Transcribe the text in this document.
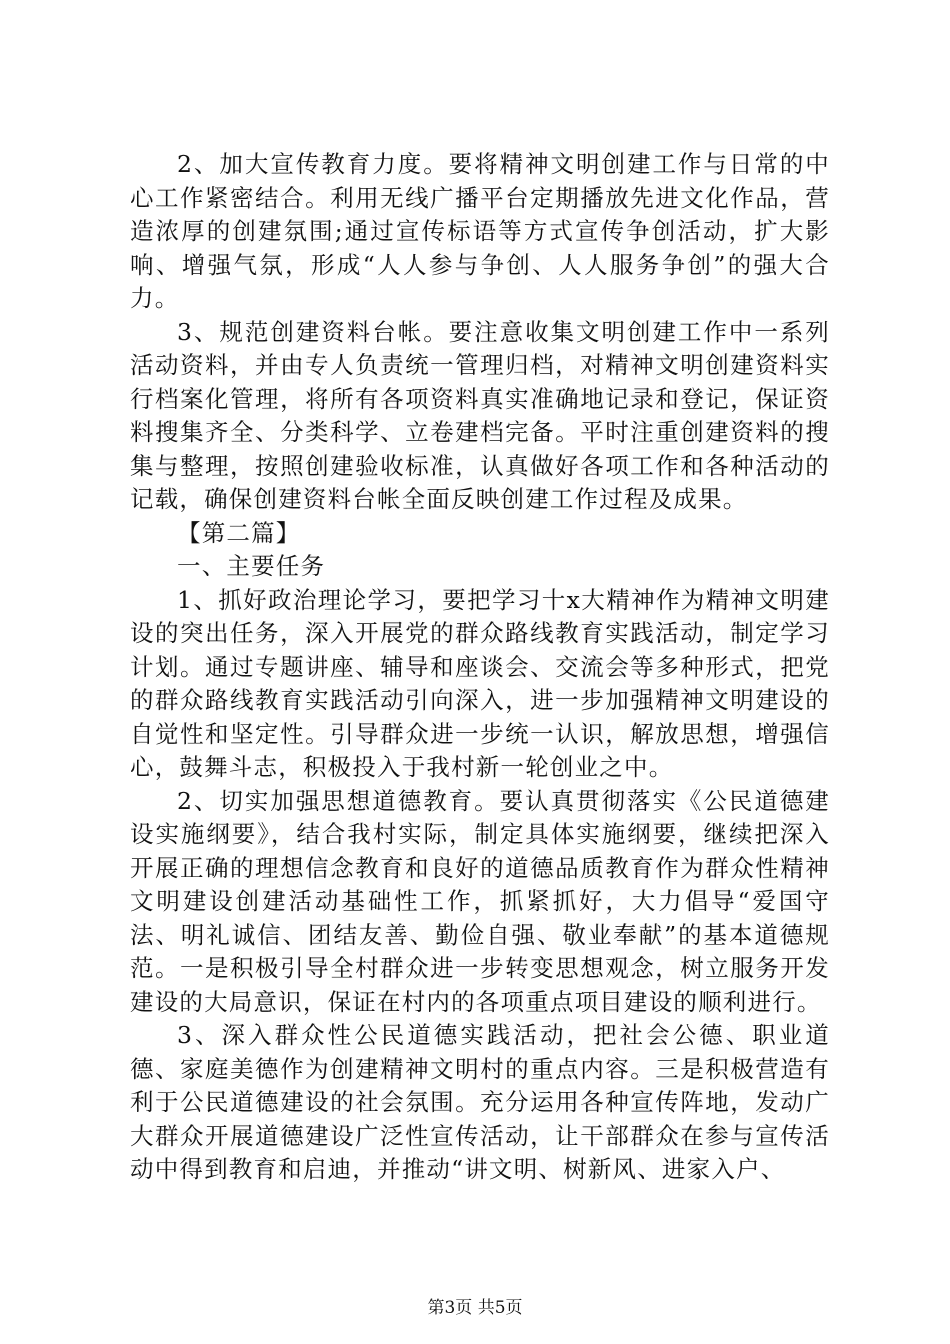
2、加大宣传教育力度。要将精神文明创建工作与日常的中心工作紧密结合。利用无线广播平台定期播放先进文化作品，营造浓厚的创建氛围;通过宣传标语等方式宣传争创活动，扩大影响、增强气氛，形成“人人参与争创、人人服务争创”的强大合力。

3、规范创建资料台帐。要注意收集文明创建工作中一系列活动资料，并由专人负责统一管理归档，对精神文明创建资料实行档案化管理，将所有各项资料真实准确地记录和登记，保证资料搜集齐全、分类科学、立卷建档完备。平时注重创建资料的搜集与整理，按照创建验收标准，认真做好各项工作和各种活动的记载，确保创建资料台帐全面反映创建工作过程及成果。

【第二篇】

一、主要任务

1、抓好政治理论学习，要把学习十x大精神作为精神文明建设的突出任务，深入开展党的群众路线教育实践活动，制定学习计划。通过专题讲座、辅导和座谈会、交流会等多种形式，把党的群众路线教育实践活动引向深入，进一步加强精神文明建设的自觉性和坚定性。引导群众进一步统一认识，解放思想，增强信心，鼓舞斗志，积极投入于我村新一轮创业之中。

2、切实加强思想道德教育。要认真贯彻落实《公民道德建设实施纲要》，结合我村实际，制定具体实施纲要，继续把深入开展正确的理想信念教育和良好的道德品质教育作为群众性精神文明建设创建活动基础性工作，抓紧抓好，大力倡导“爱国守法、明礼诚信、团结友善、勤俭自强、敬业奉献”的基本道德规范。一是积极引导全村群众进一步转变思想观念，树立服务开发建设的大局意识，保证在村内的各项重点项目建设的顺利进行。

3、深入群众性公民道德实践活动，把社会公德、职业道德、家庭美德作为创建精神文明村的重点内容。三是积极营造有利于公民道德建设的社会氛围。充分运用各种宣传阵地，发动广大群众开展道德建设广泛性宣传活动，让干部群众在参与宣传活动中得到教育和启迪，并推动“讲文明、树新风、进家入户、

第3页 共5页
